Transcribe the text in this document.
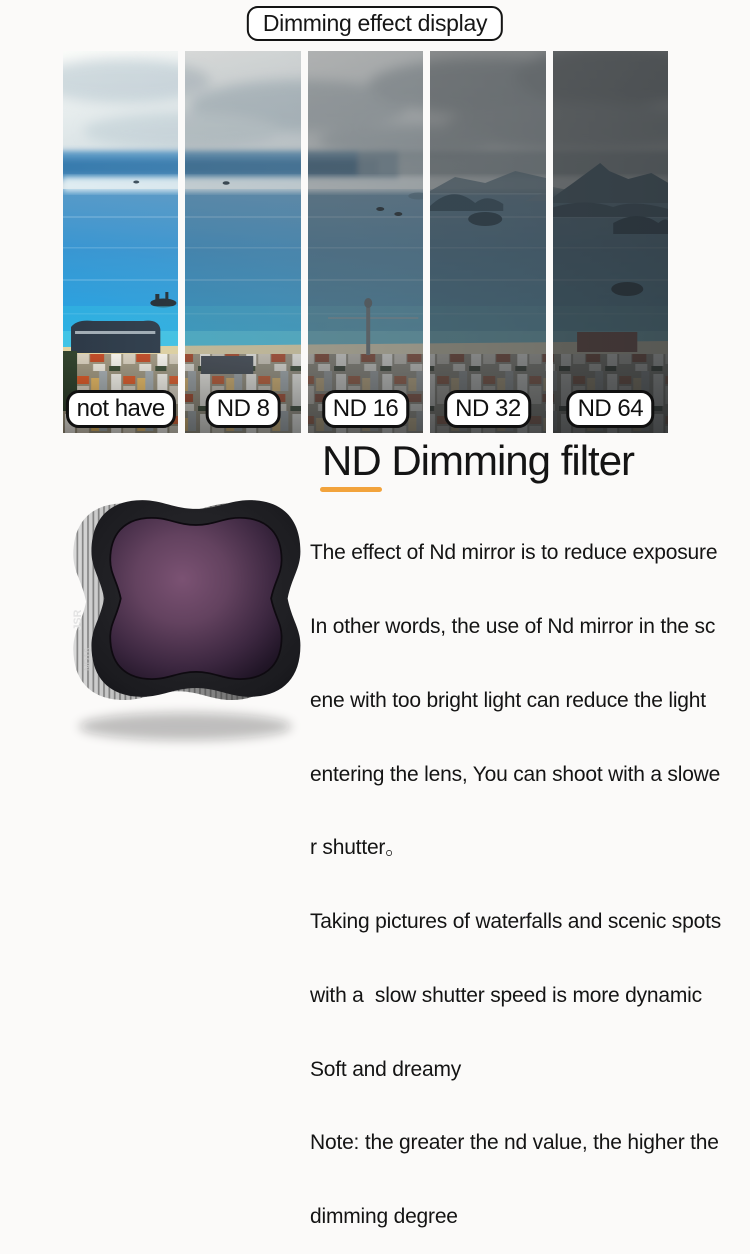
Dimming effect display
not have	ND 8	ND 16	ND 32	ND 64
ND Dimming filter
JSR
ND16

The effect of Nd mirror is to reduce exposure

In other words, the use of Nd mirror in the sc

ene with too bright light can reduce the light

entering the lens, You can shoot with a slowe

r shutter。

Taking pictures of waterfalls and scenic spots

with a  slow shutter speed is more dynamic

Soft and dreamy

Note: the greater the nd value, the higher the

dimming degree
